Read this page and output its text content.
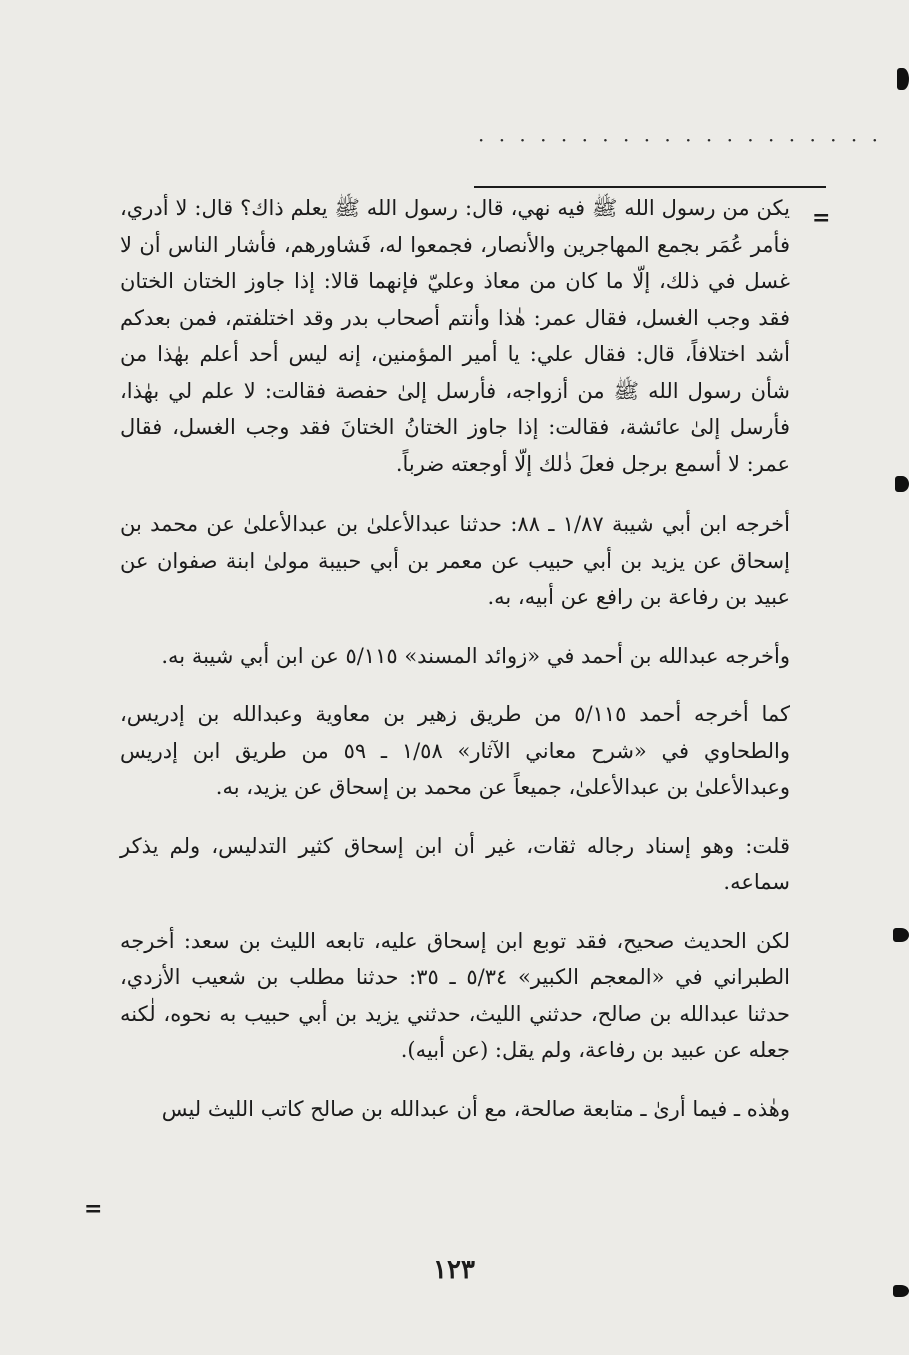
· · · · · · · · · · · · · · · · · · · ·
=

يكن من رسول الله ﷺ فيه نهي، قال: رسول الله ﷺ يعلم ذاك؟ قال: لا أدري، فأمر عُمَر بجمع المهاجرين والأنصار، فجمعوا له، فَشاورهم، فأشار الناس أن لا غسل في ذلك، إلّا ما كان من معاذ وعليّ فإنهما قالا: إذا جاوز الختان الختان فقد وجب الغسل، فقال عمر: هٰذا وأنتم أصحاب بدر وقد اختلفتم، فمن بعدكم أشد اختلافاً، قال: فقال علي: يا أمير المؤمنين، إنه ليس أحد أعلم بهٰذا من شأن رسول الله ﷺ من أزواجه، فأرسل إلىٰ حفصة فقالت: لا علم لي بهٰذا، فأرسل إلىٰ عائشة، فقالت: إذا جاوز الختانُ الختانَ فقد وجب الغسل، فقال عمر: لا أسمع برجل فعلَ ذٰلك إلّا أوجعته ضرباً.

أخرجه ابن أبي شيبة ١/٨٧ ـ ٨٨: حدثنا عبدالأعلىٰ بن عبدالأعلىٰ عن محمد بن إسحاق عن يزيد بن أبي حبيب عن معمر بن أبي حبيبة مولىٰ ابنة صفوان عن عبيد بن رفاعة بن رافع عن أبيه، به.

وأخرجه عبدالله بن أحمد في «زوائد المسند» ٥/١١٥ عن ابن أبي شيبة به.

كما أخرجه أحمد ٥/١١٥ من طريق زهير بن معاوية وعبدالله بن إدريس، والطحاوي في «شرح معاني الآثار» ١/٥٨ ـ ٥٩ من طريق ابن إدريس وعبدالأعلىٰ بن عبدالأعلىٰ، جميعاً عن محمد بن إسحاق عن يزيد، به.

قلت: وهو إسناد رجاله ثقات، غير أن ابن إسحاق كثير التدليس، ولم يذكر سماعه.

لكن الحديث صحيح، فقد توبع ابن إسحاق عليه، تابعه الليث بن سعد: أخرجه الطبراني في «المعجم الكبير» ٥/٣٤ ـ ٣٥: حدثنا مطلب بن شعيب الأزدي، حدثنا عبدالله بن صالح، حدثني الليث، حدثني يزيد بن أبي حبيب به نحوه، لٰكنه جعله عن عبيد بن رفاعة، ولم يقل: (عن أبيه).

وهٰذه ـ فيما أرىٰ ـ متابعة صالحة، مع أن عبدالله بن صالح كاتب الليث ليس

=
١٢٣
